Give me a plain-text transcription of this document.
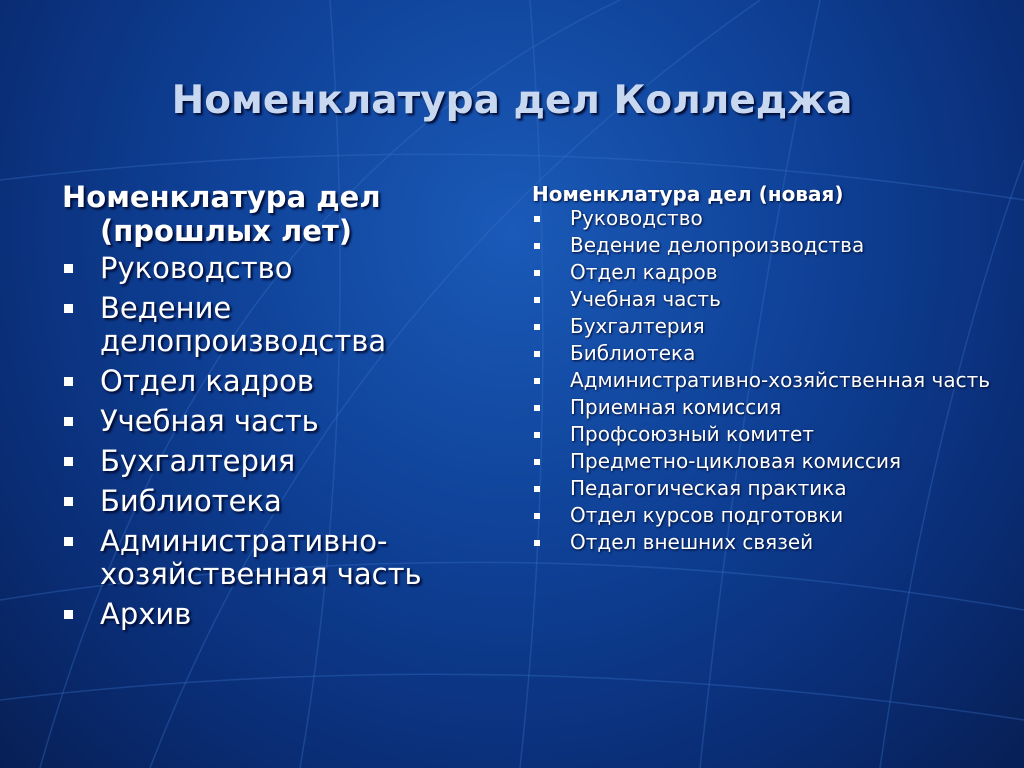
Номенклатура дел Колледжа
Номенклатура дел
(прошлых лет)
Руководство
Ведение делопроизводства
Отдел кадров
Учебная часть
Бухгалтерия
Библиотека
Административно-хозяйственная часть
Архив
Номенклатура дел (новая)
Руководство
Ведение делопроизводства
Отдел кадров
Учебная часть
Бухгалтерия
Библиотека
Административно-хозяйственная часть
Приемная комиссия
Профсоюзный комитет
Предметно-цикловая комиссия
Педагогическая практика
Отдел курсов подготовки
Отдел внешних связей
